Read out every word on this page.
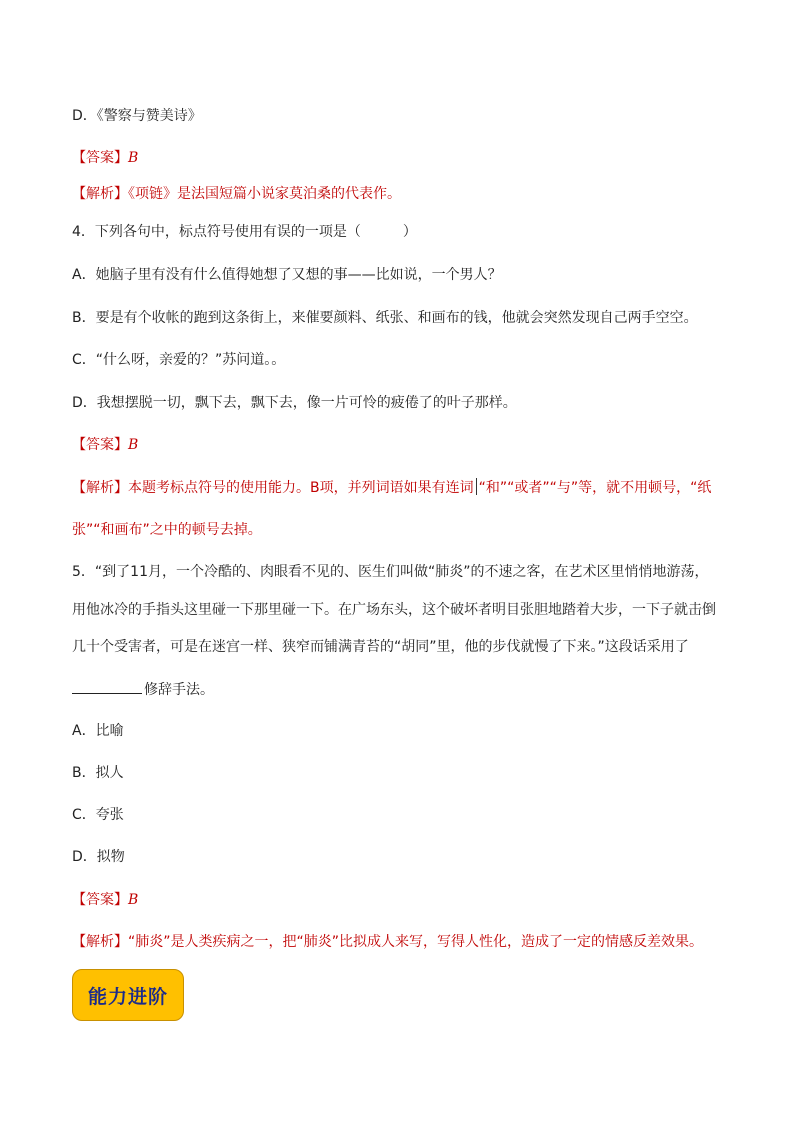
D．《警察与赞美诗》
【答案】B
【解析】《项链》是法国短篇小说家莫泊桑的代表作。
4．下列各句中，标点符号使用有误的一项是（　　　）
A．她脑子里有没有什么值得她想了又想的事——比如说，一个男人？
B．要是有个收帐的跑到这条街上，来催要颜料、纸张、和画布的钱，他就会突然发现自己两手空空。
C．“什么呀，亲爱的？”苏问道。。
D．我想摆脱一切，飘下去，飘下去，像一片可怜的疲倦了的叶子那样。
【答案】B
【解析】本题考标点符号的使用能力。B项，并列词语如果有连词 “和”“或者”“与”等，就不用顿号，“纸
张”“和画布”之中的顿号去掉。
5．“到了11月，一个冷酷的、肉眼看不见的、医生们叫做“肺炎”的不速之客，在艺术区里悄悄地游荡，
用他冰冷的手指头这里碰一下那里碰一下。在广场东头，这个破坏者明目张胆地踏着大步，一下子就击倒
几十个受害者，可是在迷宫一样、狭窄而铺满青苔的“胡同”里，他的步伐就慢了下来。”这段话采用了
修辞手法。
A．比喻
B．拟人
C．夸张
D．拟物
【答案】B
【解析】“肺炎”是人类疾病之一，把“肺炎”比拟成人来写，写得人性化，造成了一定的情感反差效果。
能力进阶
